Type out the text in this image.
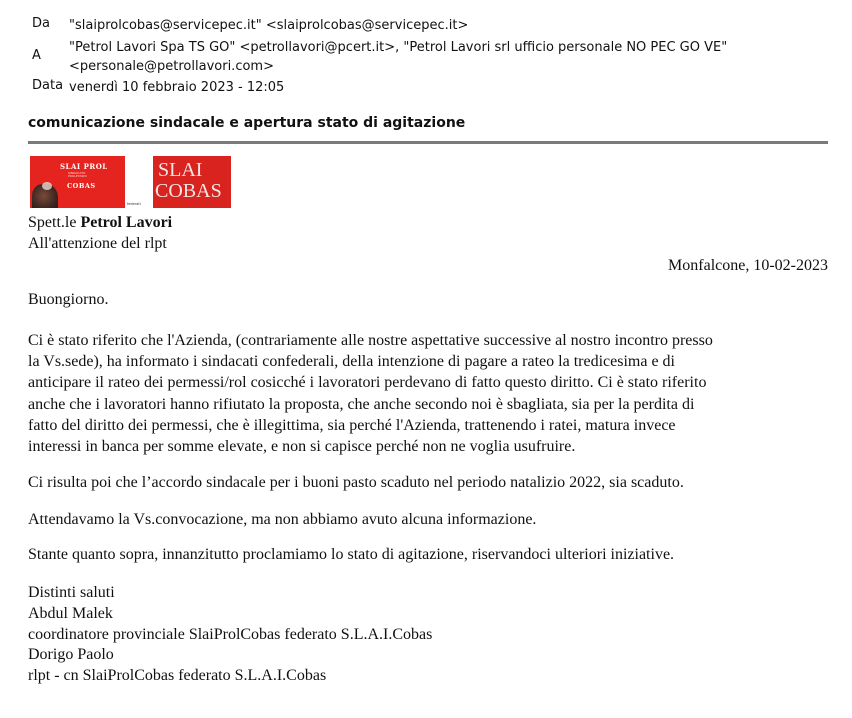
Da "slaiprolcobas@servicepec.it" <slaiprolcobas@servicepec.it>
A
"Petrol Lavori Spa TS GO" <petrollavori@pcert.it>, "Petrol Lavori srl ufficio personale NO PEC GO VE"
<personale@petrollavori.com>
Data venerdì 10 febbraio 2023 - 12:05
comunicazione sindacale e apertura stato di agitazione
SLAI PROL
SINDACATO
PROLETARIO
COBAS
federati
SLAI
COBAS
Spett.le Petrol Lavori
All'attenzione del rlpt
Monfalcone, 10-02-2023
Buongiorno.
Ci è stato riferito che l'Azienda, (contrariamente alle nostre aspettative successive al nostro incontro presso
la Vs.sede), ha informato i sindacati confederali, della intenzione di pagare a rateo la tredicesima e di
anticipare il rateo dei permessi/rol cosicché i lavoratori perdevano di fatto questo diritto. Ci è stato riferito
anche che i lavoratori hanno rifiutato la proposta, che anche secondo noi è sbagliata, sia per la perdita di
fatto del diritto dei permessi, che è illegittima, sia perché l'Azienda, trattenendo i ratei, matura invece
interessi in banca per somme elevate, e non si capisce perché non ne voglia usufruire.
Ci risulta poi che l’accordo sindacale per i buoni pasto scaduto nel periodo natalizio 2022, sia scaduto.
Attendavamo la Vs.convocazione, ma non abbiamo avuto alcuna informazione.
Stante quanto sopra, innanzitutto proclamiamo lo stato di agitazione, riservandoci ulteriori iniziative.
Distinti saluti
Abdul Malek
coordinatore provinciale SlaiProlCobas federato S.L.A.I.Cobas
Dorigo Paolo
rlpt - cn SlaiProlCobas federato S.L.A.I.Cobas
